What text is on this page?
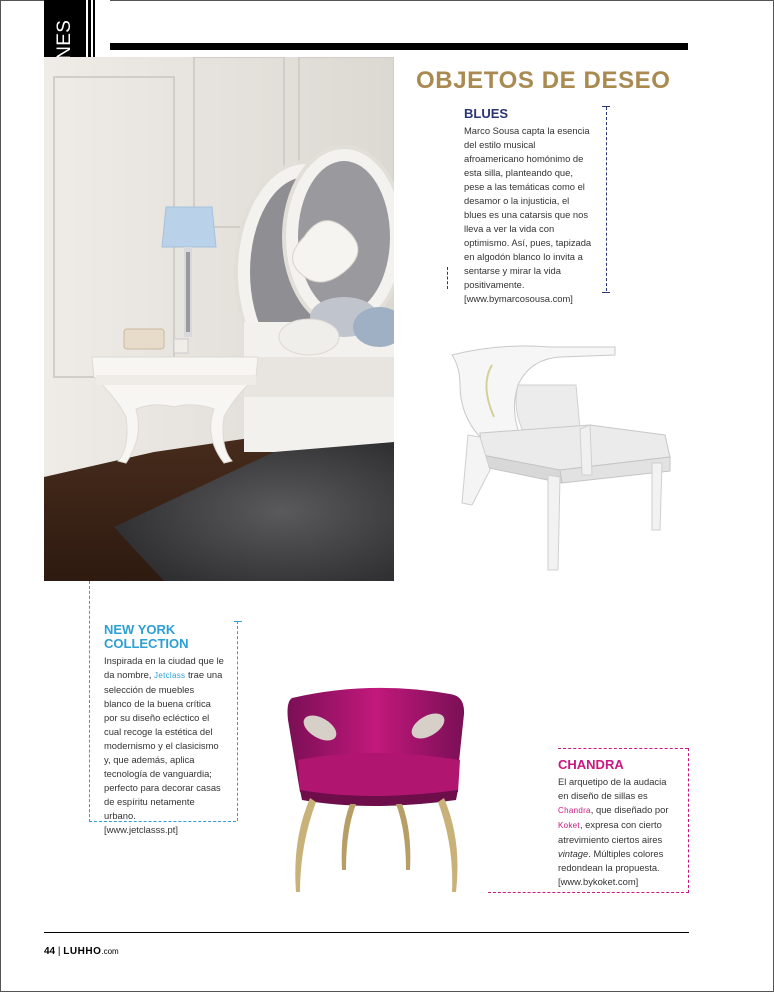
OBJETOS DE DESEO
BLUES

Marco Sousa capta la esencia del estilo musical afroamericano homónimo de esta silla, planteando que, pese a las temáticas como el desamor o la injusticia, el blues es una catarsis que nos lleva a ver la vida con optimismo. Así, pues, tapizada en algodón blanco lo invita a sentarse y mirar la vida positivamente.

[www.bymarcosousa.com]
NEW YORK COLLECTION

Inspirada en la ciudad que le da nombre, Jetclass trae una selección de muebles blanco de la buena crítica por su diseño ecléctico el cual recoge la estética del modernismo y el clasicismo y, que además, aplica tecnología de vanguardia; perfecto para decorar casas de espíritu netamente urbano.

[www.jetclasss.pt]
CHANDRA

El arquetipo de la audacia en diseño de sillas es Chandra, que diseñado por Koket, expresa con cierto atrevimiento ciertos aires vintage. Múltiples colores redondean la propuesta.

[www.bykoket.com]
44 | LUHHO.com
